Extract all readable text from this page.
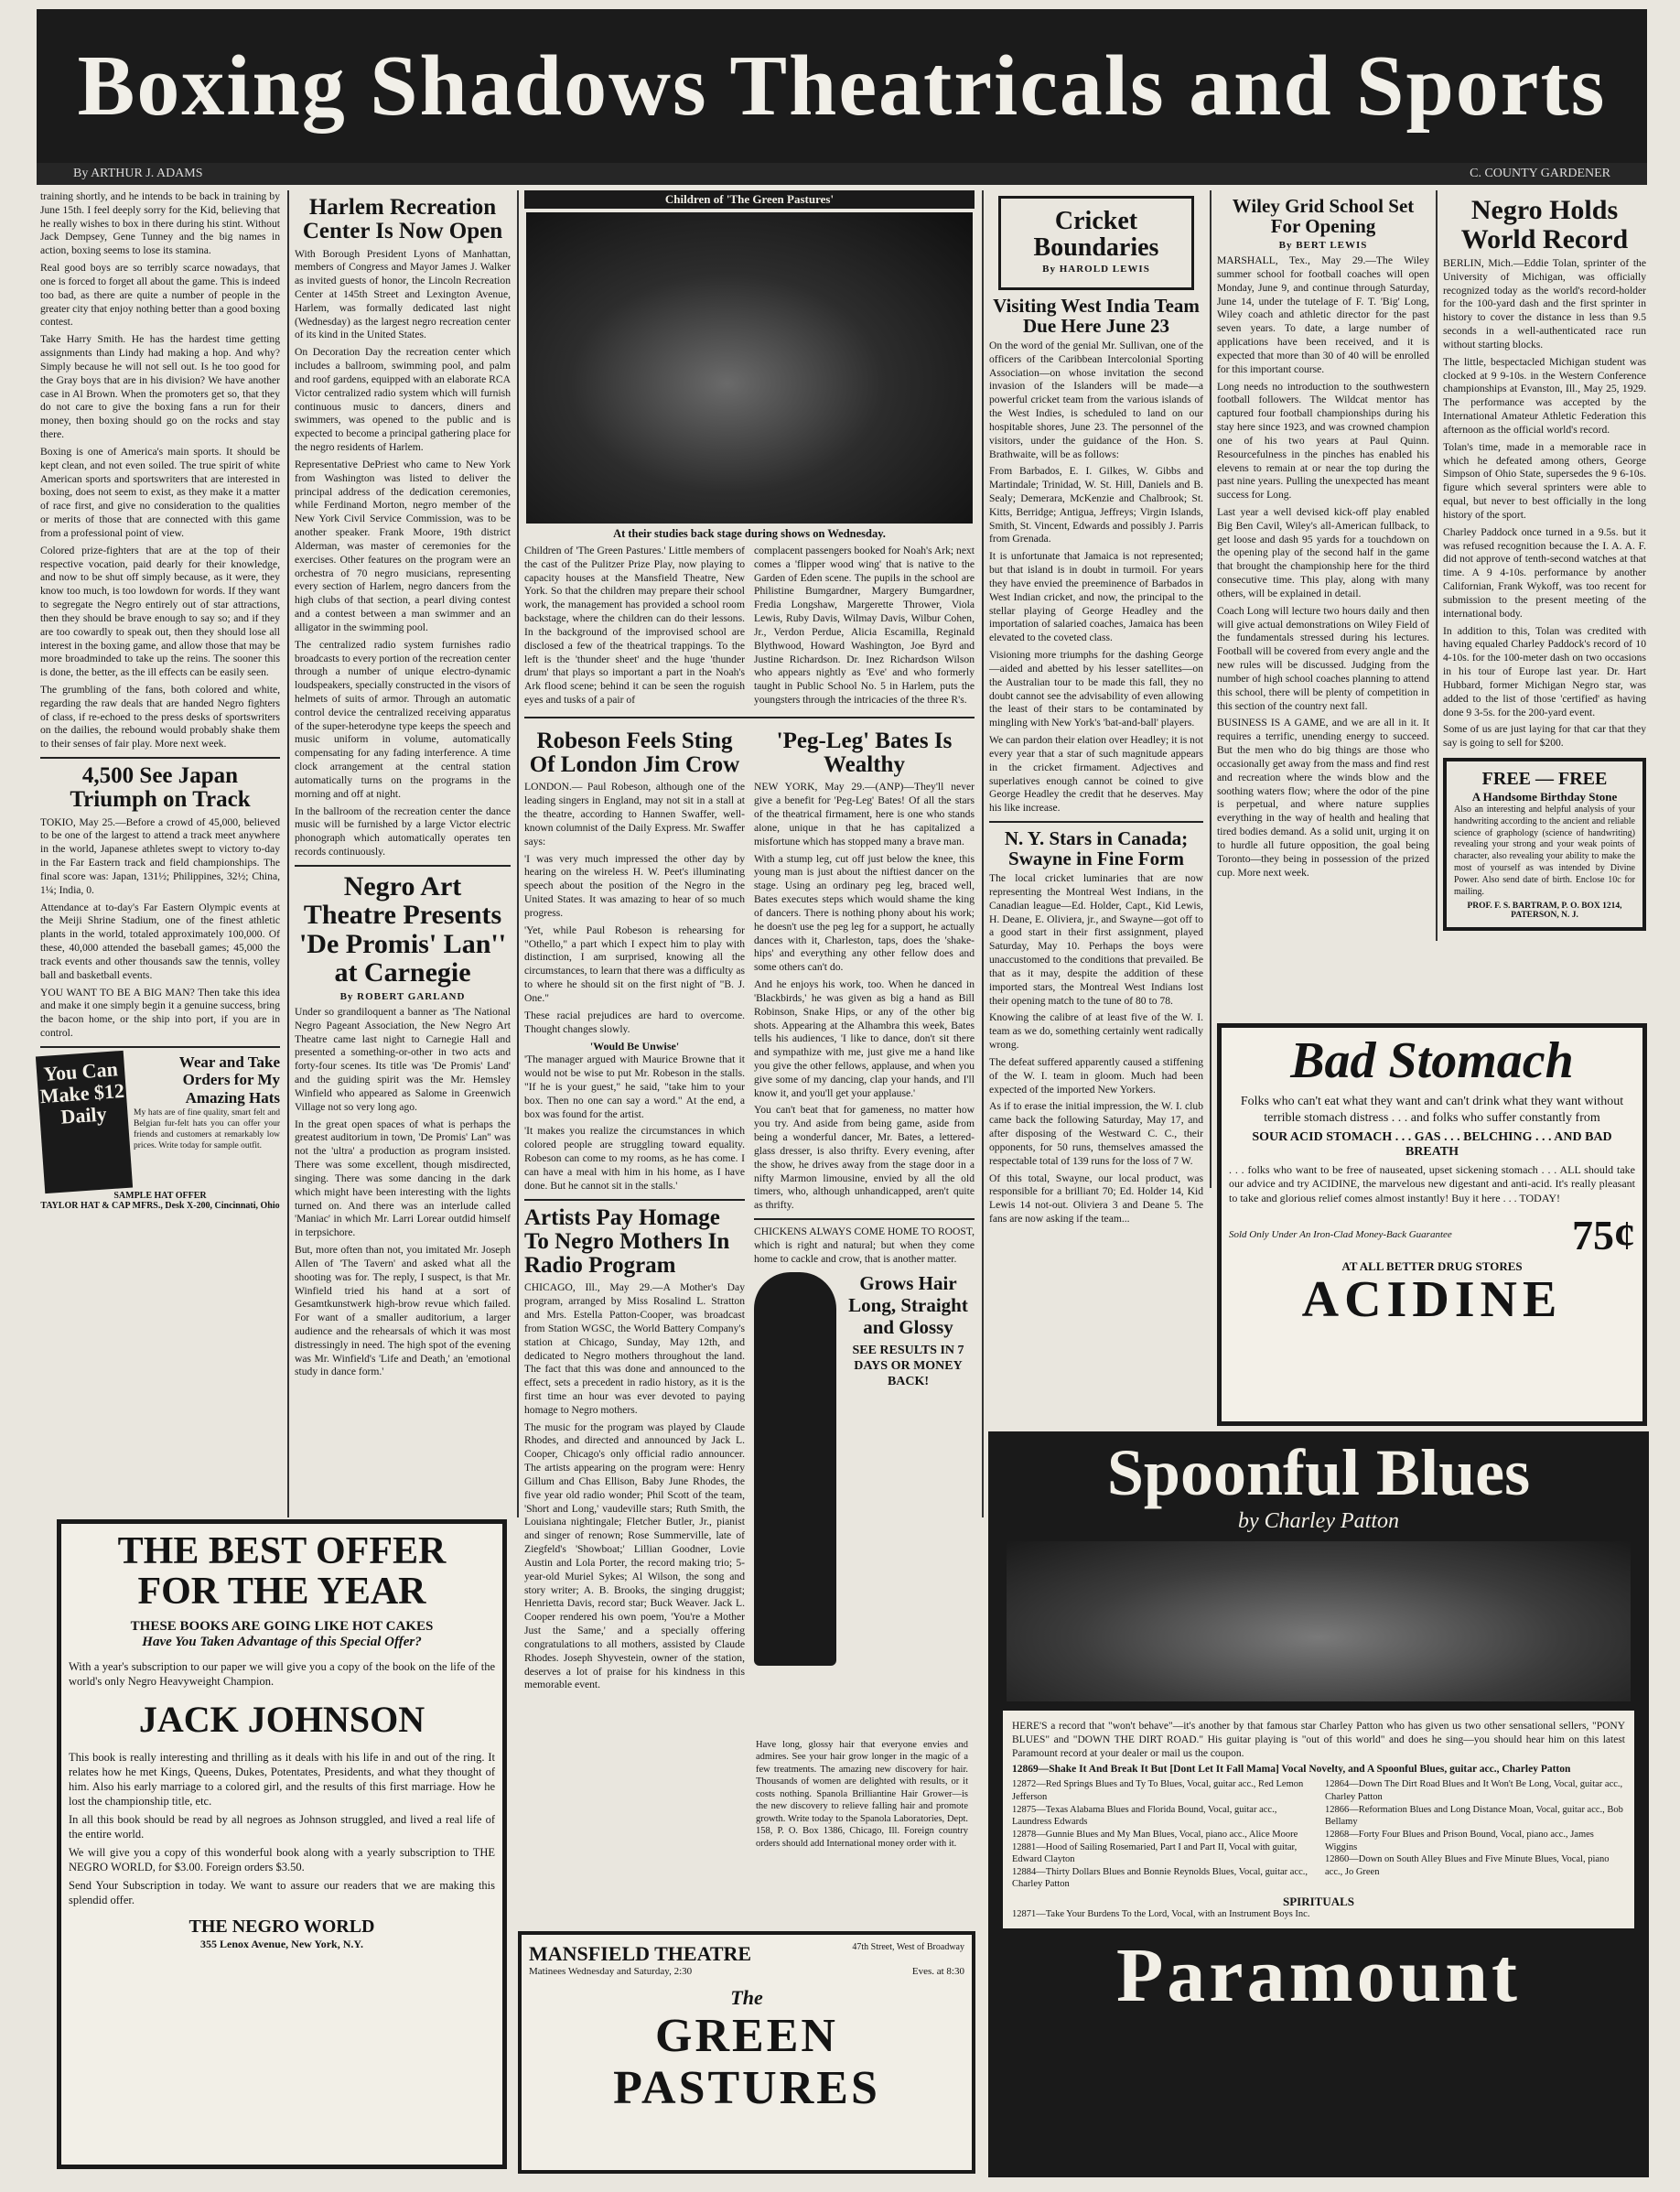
Boxing Shadows Theatricals and Sports
By ARTHUR J. ADAMS	C. COUNTY GARDENER

training shortly, and he intends to be back in training by June 15th. I feel deeply sorry for the Kid, believing that he really wishes to box in there during his stint. Without Jack Dempsey, Gene Tunney and the big names in action, boxing seems to lose its stamina.

Real good boys are so terribly scarce nowadays, that one is forced to forget all about the game. This is indeed too bad, as there are quite a number of people in the greater city that enjoy nothing better than a good boxing contest.

Take Harry Smith. He has the hardest time getting assignments than Lindy had making a hop. And why? Simply because he will not sell out. Is he too good for the Gray boys that are in his division? We have another case in Al Brown. When the promoters get so, that they do not care to give the boxing fans a run for their money, then boxing should go on the rocks and stay there.

Boxing is one of America's main sports. It should be kept clean, and not even soiled. The true spirit of white American sports and sportswriters that are interested in boxing, does not seem to exist, as they make it a matter of race first, and give no consideration to the qualities or merits of those that are connected with this game from a professional point of view.

Colored prize-fighters that are at the top of their respective vocation, paid dearly for their knowledge, and now to be shut off simply because, as it were, they know too much, is too lowdown for words. If they want to segregate the Negro entirely out of star attractions, then they should be brave enough to say so; and if they are too cowardly to speak out, then they should lose all interest in the boxing game, and allow those that may be more broadminded to take up the reins. The sooner this is done, the better, as the ill effects can be easily seen.

The grumbling of the fans, both colored and white, regarding the raw deals that are handed Negro fighters of class, if re-echoed to the press desks of sportswriters on the dailies, the rebound would probably shake them to their senses of fair play. More next week.

4,500 See Japan Triumph on Track

TOKIO, May 25.—Before a crowd of 45,000, believed to be one of the largest to attend a track meet anywhere in the world, Japanese athletes swept to victory to-day in the Far Eastern track and field championships. The final score was: Japan, 131½; Philippines, 32½; China, 1¼; India, 0.

Attendance at to-day's Far Eastern Olympic events at the Meiji Shrine Stadium, one of the finest athletic plants in the world, totaled approximately 100,000. Of these, 40,000 attended the baseball games; 45,000 the track events and other thousands saw the tennis, volley ball and basketball events.

YOU WANT TO BE A BIG MAN? Then take this idea and make it one simply begin it a genuine success, bring the bacon home, or the ship into port, if you are in control.

You Can Make $12 Daily
Wear and Take Orders for My Amazing Hats

My hats are of fine quality, smart felt and Belgian fur-felt hats you can offer your friends and customers at remarkably low prices. Write today for sample outfit.

SAMPLE HAT OFFER
TAYLOR HAT & CAP MFRS., Desk X-200, Cincinnati, Ohio
Harlem Recreation Center Is Now Open

With Borough President Lyons of Manhattan, members of Congress and Mayor James J. Walker as invited guests of honor, the Lincoln Recreation Center at 145th Street and Lexington Avenue, Harlem, was formally dedicated last night (Wednesday) as the largest negro recreation center of its kind in the United States.

On Decoration Day the recreation center which includes a ballroom, swimming pool, and palm and roof gardens, equipped with an elaborate RCA Victor centralized radio system which will furnish continuous music to dancers, diners and swimmers, was opened to the public and is expected to become a principal gathering place for the negro residents of Harlem.

Representative DePriest who came to New York from Washington was listed to deliver the principal address of the dedication ceremonies, while Ferdinand Morton, negro member of the New York Civil Service Commission, was to be another speaker. Frank Moore, 19th district Alderman, was master of ceremonies for the exercises. Other features on the program were an orchestra of 70 negro musicians, representing every section of Harlem, negro dancers from the high clubs of that section, a pearl diving contest and a contest between a man swimmer and an alligator in the swimming pool.

The centralized radio system furnishes radio broadcasts to every portion of the recreation center through a number of unique electro-dynamic loudspeakers, specially constructed in the visors of helmets of suits of armor. Through an automatic control device the centralized receiving apparatus of the super-heterodyne type keeps the speech and music uniform in volume, automatically compensating for any fading interference. A time clock arrangement at the central station automatically turns on the programs in the morning and off at night.

In the ballroom of the recreation center the dance music will be furnished by a large Victor electric phonograph which automatically operates ten records continuously.

Negro Art Theatre Presents 'De Promis' Lan'' at Carnegie
By ROBERT GARLAND

Under so grandiloquent a banner as 'The National Negro Pageant Association, the New Negro Art Theatre came last night to Carnegie Hall and presented a something-or-other in two acts and forty-four scenes. Its title was 'De Promis' Land' and the guiding spirit was the Mr. Hemsley Winfield who appeared as Salome in Greenwich Village not so very long ago.

In the great open spaces of what is perhaps the greatest auditorium in town, 'De Promis' Lan'' was not the 'ultra' a production as program insisted. There was some excellent, though misdirected, singing. There was some dancing in the dark which might have been interesting with the lights turned on. And there was an interlude called 'Maniac' in which Mr. Larri Lorear outdid himself in terpsichore.

But, more often than not, you imitated Mr. Joseph Allen of 'The Tavern' and asked what all the shooting was for. The reply, I suspect, is that Mr. Winfield tried his hand at a sort of Gesamtkunstwerk high-brow revue which failed. For want of a smaller auditorium, a larger audience and the rehearsals of which it was most distressingly in need. The high spot of the evening was Mr. Winfield's 'Life and Death,' an 'emotional study in dance form.'

Children of 'The Green Pastures'
At their studies back stage during shows on Wednesday.

Children of 'The Green Pastures.' Little members of the cast of the Pulitzer Prize Play, now playing to capacity houses at the Mansfield Theatre, New York. So that the children may prepare their school work, the management has provided a school room backstage, where the children can do their lessons. In the background of the improvised school are disclosed a few of the theatrical trappings. To the left is the 'thunder sheet' and the huge 'thunder drum' that plays so important a part in the Noah's Ark flood scene; behind it can be seen the roguish eyes and tusks of a pair of

complacent passengers booked for Noah's Ark; next comes a 'flipper wood wing' that is native to the Garden of Eden scene. The pupils in the school are Philistine Bumgardner, Margery Bumgardner, Fredia Longshaw, Margerette Thrower, Viola Lewis, Ruby Davis, Wilmay Davis, Wilbur Cohen, Jr., Verdon Perdue, Alicia Escamilla, Reginald Blythwood, Howard Washington, Joe Byrd and Justine Richardson. Dr. Inez Richardson Wilson who appears nightly as 'Eve' and who formerly taught in Public School No. 5 in Harlem, puts the youngsters through the intricacies of the three R's.

Robeson Feels Sting Of London Jim Crow

LONDON.— Paul Robeson, although one of the leading singers in England, may not sit in a stall at the theatre, according to Hannen Swaffer, well-known columnist of the Daily Express. Mr. Swaffer says:

'I was very much impressed the other day by hearing on the wireless H. W. Peet's illuminating speech about the position of the Negro in the United States. It was amazing to hear of so much progress.

'Yet, while Paul Robeson is rehearsing for "Othello," a part which I expect him to play with distinction, I am surprised, knowing all the circumstances, to learn that there was a difficulty as to where he should sit on the first night of "B. J. One."

These racial prejudices are hard to overcome. Thought changes slowly.

'Would Be Unwise'

'The manager argued with Maurice Browne that it would not be wise to put Mr. Robeson in the stalls. "If he is your guest," he said, "take him to your box. Then no one can say a word." At the end, a box was found for the artist.

'It makes you realize the circumstances in which colored people are struggling toward equality. Robeson can come to my rooms, as he has come. I can have a meal with him in his home, as I have done. But he cannot sit in the stalls.'

Artists Pay Homage To Negro Mothers In Radio Program

CHICAGO, Ill., May 29.—A Mother's Day program, arranged by Miss Rosalind L. Stratton and Mrs. Estella Patton-Cooper, was broadcast from Station WGSC, the World Battery Company's station at Chicago, Sunday, May 12th, and dedicated to Negro mothers throughout the land. The fact that this was done and announced to the effect, sets a precedent in radio history, as it is the first time an hour was ever devoted to paying homage to Negro mothers.

The music for the program was played by Claude Rhodes, and directed and announced by Jack L. Cooper, Chicago's only official radio announcer. The artists appearing on the program were: Henry Gillum and Chas Ellison, Baby June Rhodes, the five year old radio wonder; Phil Scott of the team, 'Short and Long,' vaudeville stars; Ruth Smith, the Louisiana nightingale; Fletcher Butler, Jr., pianist and singer of renown; Rose Summerville, late of Ziegfeld's 'Showboat;' Lillian Goodner, Lovie Austin and Lola Porter, the record making trio; 5-year-old Muriel Sykes; Al Wilson, the song and story writer; A. B. Brooks, the singing druggist; Henrietta Davis, record star; Buck Weaver. Jack L. Cooper rendered his own poem, 'You're a Mother Just the Same,' and a specially offering congratulations to all mothers, assisted by Claude Rhodes. Joseph Shyvestein, owner of the station, deserves a lot of praise for his kindness in this memorable event.

'Peg-Leg' Bates Is Wealthy

NEW YORK, May 29.—(ANP)—They'll never give a benefit for 'Peg-Leg' Bates! Of all the stars of the theatrical firmament, here is one who stands alone, unique in that he has capitalized a misfortune which has stopped many a brave man.

With a stump leg, cut off just below the knee, this young man is just about the niftiest dancer on the stage. Using an ordinary peg leg, braced well, Bates executes steps which would shame the king of dancers. There is nothing phony about his work; he doesn't use the peg leg for a support, he actually dances with it, Charleston, taps, does the 'shake-hips' and everything any other fellow does and some others can't do.

And he enjoys his work, too. When he danced in 'Blackbirds,' he was given as big a hand as Bill Robinson, Snake Hips, or any of the other big shots. Appearing at the Alhambra this week, Bates tells his audiences, 'I like to dance, don't sit there and sympathize with me, just give me a hand like you give the other fellows, applause, and when you give some of my dancing, clap your hands, and I'll know it, and you'll get your applause.'

You can't beat that for gameness, no matter how you try. And aside from being game, aside from being a wonderful dancer, Mr. Bates, a lettered-glass dresser, is also thrifty. Every evening, after the show, he drives away from the stage door in a nifty Marmon limousine, envied by all the old timers, who, although unhandicapped, aren't quite as thrifty.

CHICKENS ALWAYS COME HOME TO ROOST, which is right and natural; but when they come home to cackle and crow, that is another matter.

Grows Hair Long, Straight and Glossy
SEE RESULTS IN 7 DAYS OR MONEY BACK!
Cricket Boundaries
By HAROLD LEWIS
Visiting West India Team Due Here June 23

On the word of the genial Mr. Sullivan, one of the officers of the Caribbean Intercolonial Sporting Association—on whose invitation the second invasion of the Islanders will be made—a powerful cricket team from the various islands of the West Indies, is scheduled to land on our hospitable shores, June 23. The personnel of the visitors, under the guidance of the Hon. S. Brathwaite, will be as follows:

From Barbados, E. I. Gilkes, W. Gibbs and Martindale; Trinidad, W. St. Hill, Daniels and B. Sealy; Demerara, McKenzie and Chalbrook; St. Kitts, Berridge; Antigua, Jeffreys; Virgin Islands, Smith, St. Vincent, Edwards and possibly J. Parris from Grenada.

It is unfortunate that Jamaica is not represented; but that island is in doubt in turmoil. For years they have envied the preeminence of Barbados in West Indian cricket, and now, the principal to the stellar playing of George Headley and the importation of salaried coaches, Jamaica has been elevated to the coveted class.

Visioning more triumphs for the dashing George—aided and abetted by his lesser satellites—on the Australian tour to be made this fall, they no doubt cannot see the advisability of even allowing the least of their stars to be contaminated by mingling with New York's 'bat-and-ball' players.

We can pardon their elation over Headley; it is not every year that a star of such magnitude appears in the cricket firmament. Adjectives and superlatives enough cannot be coined to give George Headley the credit that he deserves. May his like increase.

N. Y. Stars in Canada; Swayne in Fine Form

The local cricket luminaries that are now representing the Montreal West Indians, in the Canadian league—Ed. Holder, Capt., Kid Lewis, H. Deane, E. Oliviera, jr., and Swayne—got off to a good start in their first assignment, played Saturday, May 10. Perhaps the boys were unaccustomed to the conditions that prevailed. Be that as it may, despite the addition of these imported stars, the Montreal West Indians lost their opening match to the tune of 80 to 78.

Knowing the calibre of at least five of the W. I. team as we do, something certainly went radically wrong.

The defeat suffered apparently caused a stiffening of the W. I. team in gloom. Much had been expected of the imported New Yorkers.

As if to erase the initial impression, the W. I. club came back the following Saturday, May 17, and after disposing of the Westward C. C., their opponents, for 50 runs, themselves amassed the respectable total of 139 runs for the loss of 7 W.

Of this total, Swayne, our local product, was responsible for a brilliant 70; Ed. Holder 14, Kid Lewis 14 not-out. Oliviera 3 and Deane 5. The fans are now asking if the team...

Wiley Grid School Set For Opening
By BERT LEWIS

MARSHALL, Tex., May 29.—The Wiley summer school for football coaches will open Monday, June 9, and continue through Saturday, June 14, under the tutelage of F. T. 'Big' Long, Wiley coach and athletic director for the past seven years. To date, a large number of applications have been received, and it is expected that more than 30 of 40 will be enrolled for this important course.

Long needs no introduction to the southwestern football followers. The Wildcat mentor has captured four football championships during his stay here since 1923, and was crowned champion one of his two years at Paul Quinn. Resourcefulness in the pinches has enabled his elevens to remain at or near the top during the past nine years. Pulling the unexpected has meant success for Long.

Last year a well devised kick-off play enabled Big Ben Cavil, Wiley's all-American fullback, to get loose and dash 95 yards for a touchdown on the opening play of the second half in the game that brought the championship here for the third consecutive time. This play, along with many others, will be explained in detail.

Coach Long will lecture two hours daily and then will give actual demonstrations on Wiley Field of the fundamentals stressed during his lectures. Football will be covered from every angle and the new rules will be discussed. Judging from the number of high school coaches planning to attend this school, there will be plenty of competition in this section of the country next fall.

BUSINESS IS A GAME, and we are all in it. It requires a terrific, unending energy to succeed. But the men who do big things are those who occasionally get away from the mass and find rest and recreation where the winds blow and the soothing waters flow; where the odor of the pine is perpetual, and where nature supplies everything in the way of health and healing that tired bodies demand. As a solid unit, urging it on to hurdle all future opposition, the goal being Toronto—they being in possession of the prized cup. More next week.

Negro Holds World Record

BERLIN, Mich.—Eddie Tolan, sprinter of the University of Michigan, was officially recognized today as the world's record-holder for the 100-yard dash and the first sprinter in history to cover the distance in less than 9.5 seconds in a well-authenticated race run without starting blocks.

The little, bespectacled Michigan student was clocked at 9 9-10s. in the Western Conference championships at Evanston, Ill., May 25, 1929. The performance was accepted by the International Amateur Athletic Federation this afternoon as the official world's record.

Tolan's time, made in a memorable race in which he defeated among others, George Simpson of Ohio State, supersedes the 9 6-10s. figure which several sprinters were able to equal, but never to best officially in the long history of the sport.

Charley Paddock once turned in a 9.5s. but it was refused recognition because the I. A. A. F. did not approve of tenth-second watches at that time. A 9 4-10s. performance by another Californian, Frank Wykoff, was too recent for submission to the present meeting of the international body.

In addition to this, Tolan was credited with having equaled Charley Paddock's record of 10 4-10s. for the 100-meter dash on two occasions in his tour of Europe last year. Dr. Hart Hubbard, former Michigan Negro star, was added to the list of those 'certified' as having done 9 3-5s. for the 200-yard event.

Some of us are just laying for that car that they say is going to sell for $200.

FREE — FREE
A Handsome Birthday Stone

Also an interesting and helpful analysis of your handwriting according to the ancient and reliable science of graphology (science of handwriting) revealing your strong and your weak points of character, also revealing your ability to make the most of yourself as was intended by Divine Power. Also send date of birth. Enclose 10c for mailing.

PROF. F. S. BARTRAM, P. O. BOX 1214, PATERSON, N. J.
Bad Stomach

Folks who can't eat what they want and can't drink what they want without terrible stomach distress . . . and folks who suffer constantly from

SOUR ACID STOMACH . . . GAS . . . BELCHING . . . AND BAD BREATH

. . . folks who want to be free of nauseated, upset sickening stomach . . . ALL should take our advice and try ACIDINE, the marvelous new digestant and anti-acid. It's really pleasant to take and glorious relief comes almost instantly! Buy it here . . . TODAY!

Sold Only Under An Iron-Clad Money-Back Guarantee	75¢
AT ALL BETTER DRUG STORES
ACIDINE
THE BEST OFFER
FOR THE YEAR
THESE BOOKS ARE GOING LIKE HOT CAKES
Have You Taken Advantage of this Special Offer?

With a year's subscription to our paper we will give you a copy of the book on the life of the world's only Negro Heavyweight Champion.

JACK JOHNSON

This book is really interesting and thrilling as it deals with his life in and out of the ring. It relates how he met Kings, Queens, Dukes, Potentates, Presidents, and what they thought of him. Also his early marriage to a colored girl, and the results of this first marriage. How he lost the championship title, etc.

In all this book should be read by all negroes as Johnson struggled, and lived a real life of the entire world.

We will give you a copy of this wonderful book along with a yearly subscription to THE NEGRO WORLD, for $3.00. Foreign orders $3.50.

Send Your Subscription in today. We want to assure our readers that we are making this splendid offer.

THE NEGRO WORLD
355 Lenox Avenue, New York, N.Y.

Have long, glossy hair that everyone envies and admires. See your hair grow longer in the magic of a few treatments. The amazing new discovery for hair. Thousands of women are delighted with results, or it costs nothing. Spanola Brilliantine Hair Grower—is the new discovery to relieve falling hair and promote growth. Write today to the Spanola Laboratories, Dept. 158, P. O. Box 1386, Chicago, Ill. Foreign country orders should add International money order with it.

MANSFIELD THEATRE	47th Street, West of Broadway
Matinees Wednesday and Saturday, 2:30	Eves. at 8:30
The
GREEN PASTURES
Spoonful Blues
by Charley Patton

HERE'S a record that "won't behave"—it's another by that famous star Charley Patton who has given us two other sensational sellers, "PONY BLUES" and "DOWN THE DIRT ROAD." His guitar playing is "out of this world" and does he sing—you should hear him on this latest Paramount record at your dealer or mail us the coupon.

12869—Shake It And Break It But [Dont Let It Fall Mama] Vocal Novelty, and A Spoonful Blues, guitar acc., Charley Patton
12872—Red Springs Blues and Ty To Blues, Vocal, guitar acc., Red Lemon Jefferson
12875—Texas Alabama Blues and Florida Bound, Vocal, guitar acc., Laundress Edwards
12878—Gunnie Blues and My Man Blues, Vocal, piano acc., Alice Moore
12881—Hood of Sailing Rosemaried, Part I and Part II, Vocal with guitar, Edward Clayton
12884—Thirty Dollars Blues and Bonnie Reynolds Blues, Vocal, guitar acc., Charley Patton
12864—Down The Dirt Road Blues and It Won't Be Long, Vocal, guitar acc., Charley Patton
12866—Reformation Blues and Long Distance Moan, Vocal, guitar acc., Bob Bellamy
12868—Forty Four Blues and Prison Bound, Vocal, piano acc., James Wiggins
12860—Down on South Alley Blues and Five Minute Blues, Vocal, piano acc., Jo Green
SPIRITUALS
12871—Take Your Burdens To the Lord, Vocal, with an Instrument Boys Inc.
Paramount
